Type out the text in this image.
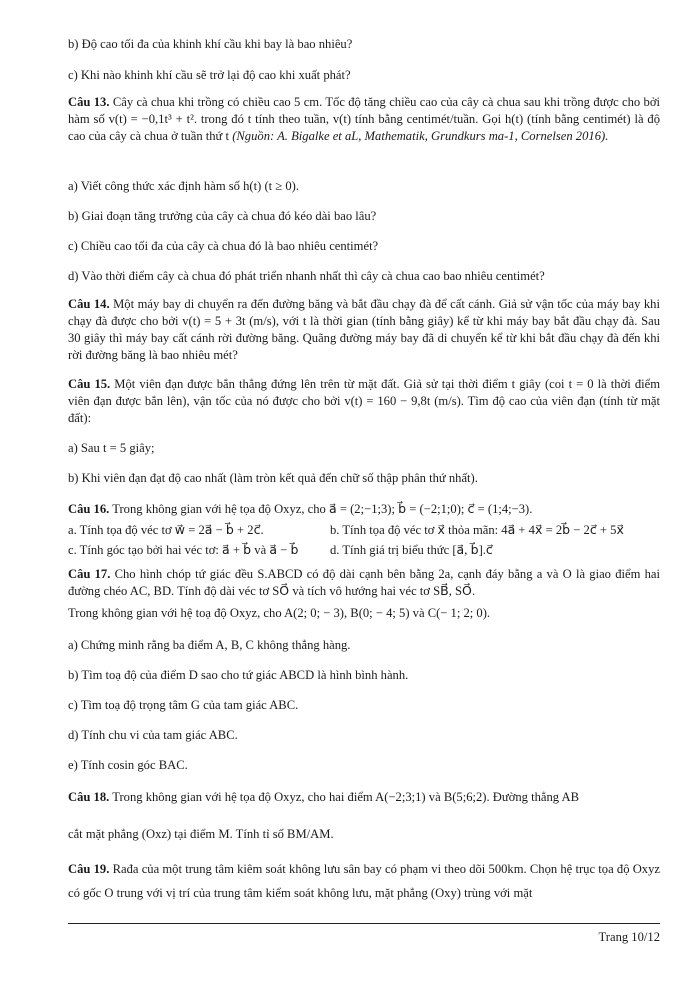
b) Độ cao tối đa của khinh khí cầu khi bay là bao nhiêu?

c) Khi nào khinh khí cầu sẽ trở lại độ cao khi xuất phát?

Câu 13. Cây cà chua khi trồng có chiều cao 5 cm. Tốc độ tăng chiều cao của cây cà chua sau khi trồng được cho bởi hàm số v(t) = −0,1t³ + t². trong đó t tính theo tuần, v(t) tính bằng centimét/tuần. Gọi h(t) (tính bằng centimét) là độ cao của cây cà chua ở tuần thứ t (Nguồn: A. Bigalke et aL, Mathematik, Grundkurs ma-1, Cornelsen 2016).

a) Viết công thức xác định hàm số h(t) (t ≥ 0).

b) Giai đoạn tăng trưởng của cây cà chua đó kéo dài bao lâu?

c) Chiều cao tối đa của cây cà chua đó là bao nhiêu centimét?

d) Vào thời điểm cây cà chua đó phát triển nhanh nhất thì cây cà chua cao bao nhiêu centimét?

Câu 14. Một máy bay di chuyển ra đến đường băng và bắt đầu chạy đà để cất cánh. Giả sử vận tốc của máy bay khi chạy đà được cho bởi v(t) = 5 + 3t (m/s), với t là thời gian (tính bằng giây) kể từ khi máy bay bắt đầu chạy đà. Sau 30 giây thì máy bay cất cánh rời đường băng. Quãng đường máy bay đã di chuyển kể từ khi bắt đầu chạy đà đến khi rời đường băng là bao nhiêu mét?

Câu 15. Một viên đạn được bắn thẳng đứng lên trên từ mặt đất. Giả sử tại thời điểm t giây (coi t = 0 là thời điểm viên đạn được bắn lên), vận tốc của nó được cho bởi v(t) = 160 − 9,8t (m/s). Tìm độ cao của viên đạn (tính từ mặt đất):

a) Sau t = 5 giây;

b) Khi viên đạn đạt độ cao nhất (làm tròn kết quả đến chữ số thập phân thứ nhất).

Câu 16. Trong không gian với hệ tọa độ Oxyz, cho a⃗ = (2;−1;3); b⃗ = (−2;1;0); c⃗ = (1;4;−3).

a. Tính tọa độ véc tơ w⃗ = 2a⃗ − b⃗ + 2c⃗.	b. Tính tọa độ véc tơ x⃗ thỏa mãn: 4a⃗ + 4x⃗ = 2b⃗ − 2c⃗ + 5x⃗
c. Tính góc tạo bởi hai véc tơ: a⃗ + b⃗ và a⃗ − b⃗	d. Tính giá trị biểu thức [a⃗, b⃗].c⃗

Câu 17. Cho hình chóp tứ giác đều S.ABCD có độ dài cạnh bên bằng 2a, cạnh đáy bằng a và O là giao điểm hai đường chéo AC, BD. Tính độ dài véc tơ SO⃗ và tích vô hướng hai véc tơ SB⃗, SO⃗.

Trong không gian với hệ toạ độ Oxyz, cho A(2; 0; − 3), B(0; − 4; 5) và C(− 1; 2; 0).

a) Chứng minh rằng ba điểm A, B, C không thẳng hàng.

b) Tìm toạ độ của điểm D sao cho tứ giác ABCD là hình bình hành.

c) Tìm toạ độ trọng tâm G của tam giác ABC.

d) Tính chu vi của tam giác ABC.

e) Tính cosin góc BAC.

Câu 18. Trong không gian với hệ tọa độ Oxyz, cho hai điểm A(−2;3;1) và B(5;6;2). Đường thẳng AB

cắt mặt phẳng (Oxz) tại điểm M. Tính tỉ số BM/AM.

Câu 19. Rađa của một trung tâm kiêm soát không lưu sân bay có phạm vi theo dõi 500km. Chọn hệ trục tọa độ Oxyz có gốc O trung với vị trí của trung tâm kiểm soát không lưu, mặt phẳng (Oxy) trùng với mặt

Trang 10/12
